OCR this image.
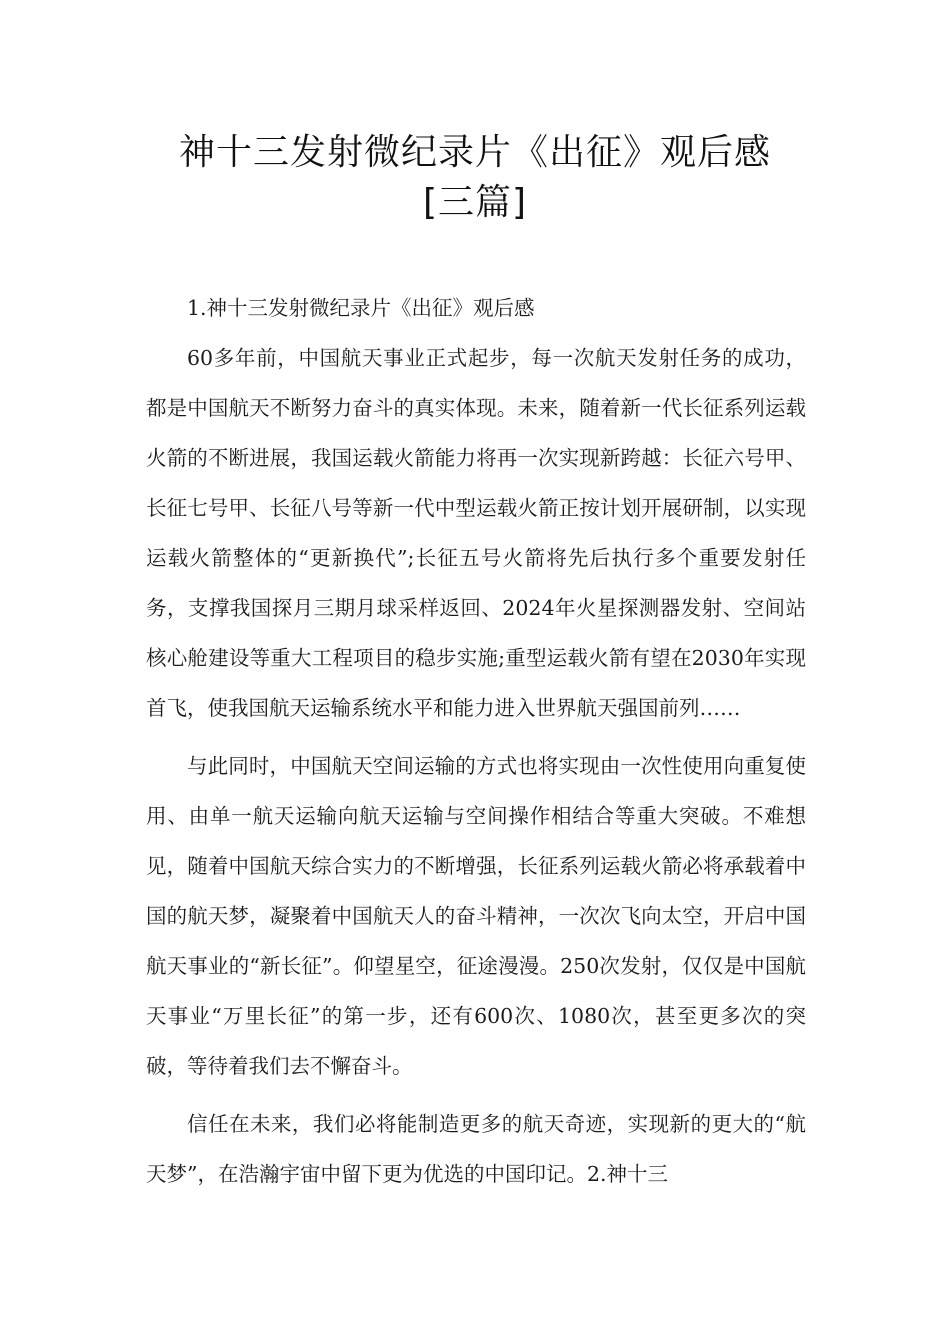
神十三发射微纪录片《出征》观后感
[三篇]

1.神十三发射微纪录片《出征》观后感

60多年前，中国航天事业正式起步，每一次航天发射任务的成功，都是中国航天不断努力奋斗的真实体现。未来，随着新一代长征系列运载火箭的不断进展，我国运载火箭能力将再一次实现新跨越：长征六号甲、长征七号甲、长征八号等新一代中型运载火箭正按计划开展研制，以实现运载火箭整体的“更新换代”;长征五号火箭将先后执行多个重要发射任务，支撑我国探月三期月球采样返回、2024年火星探测器发射、空间站核心舱建设等重大工程项目的稳步实施;重型运载火箭有望在2030年实现首飞，使我国航天运输系统水平和能力进入世界航天强国前列……

与此同时，中国航天空间运输的方式也将实现由一次性使用向重复使用、由单一航天运输向航天运输与空间操作相结合等重大突破。不难想见，随着中国航天综合实力的不断增强，长征系列运载火箭必将承载着中国的航天梦，凝聚着中国航天人的奋斗精神，一次次飞向太空，开启中国航天事业的“新长征”。仰望星空，征途漫漫。250次发射，仅仅是中国航天事业“万里长征”的第一步，还有600次、1080次，甚至更多次的突破，等待着我们去不懈奋斗。

信任在未来，我们必将能制造更多的航天奇迹，实现新的更大的“航天梦”，在浩瀚宇宙中留下更为优选的中国印记。2.神十三
